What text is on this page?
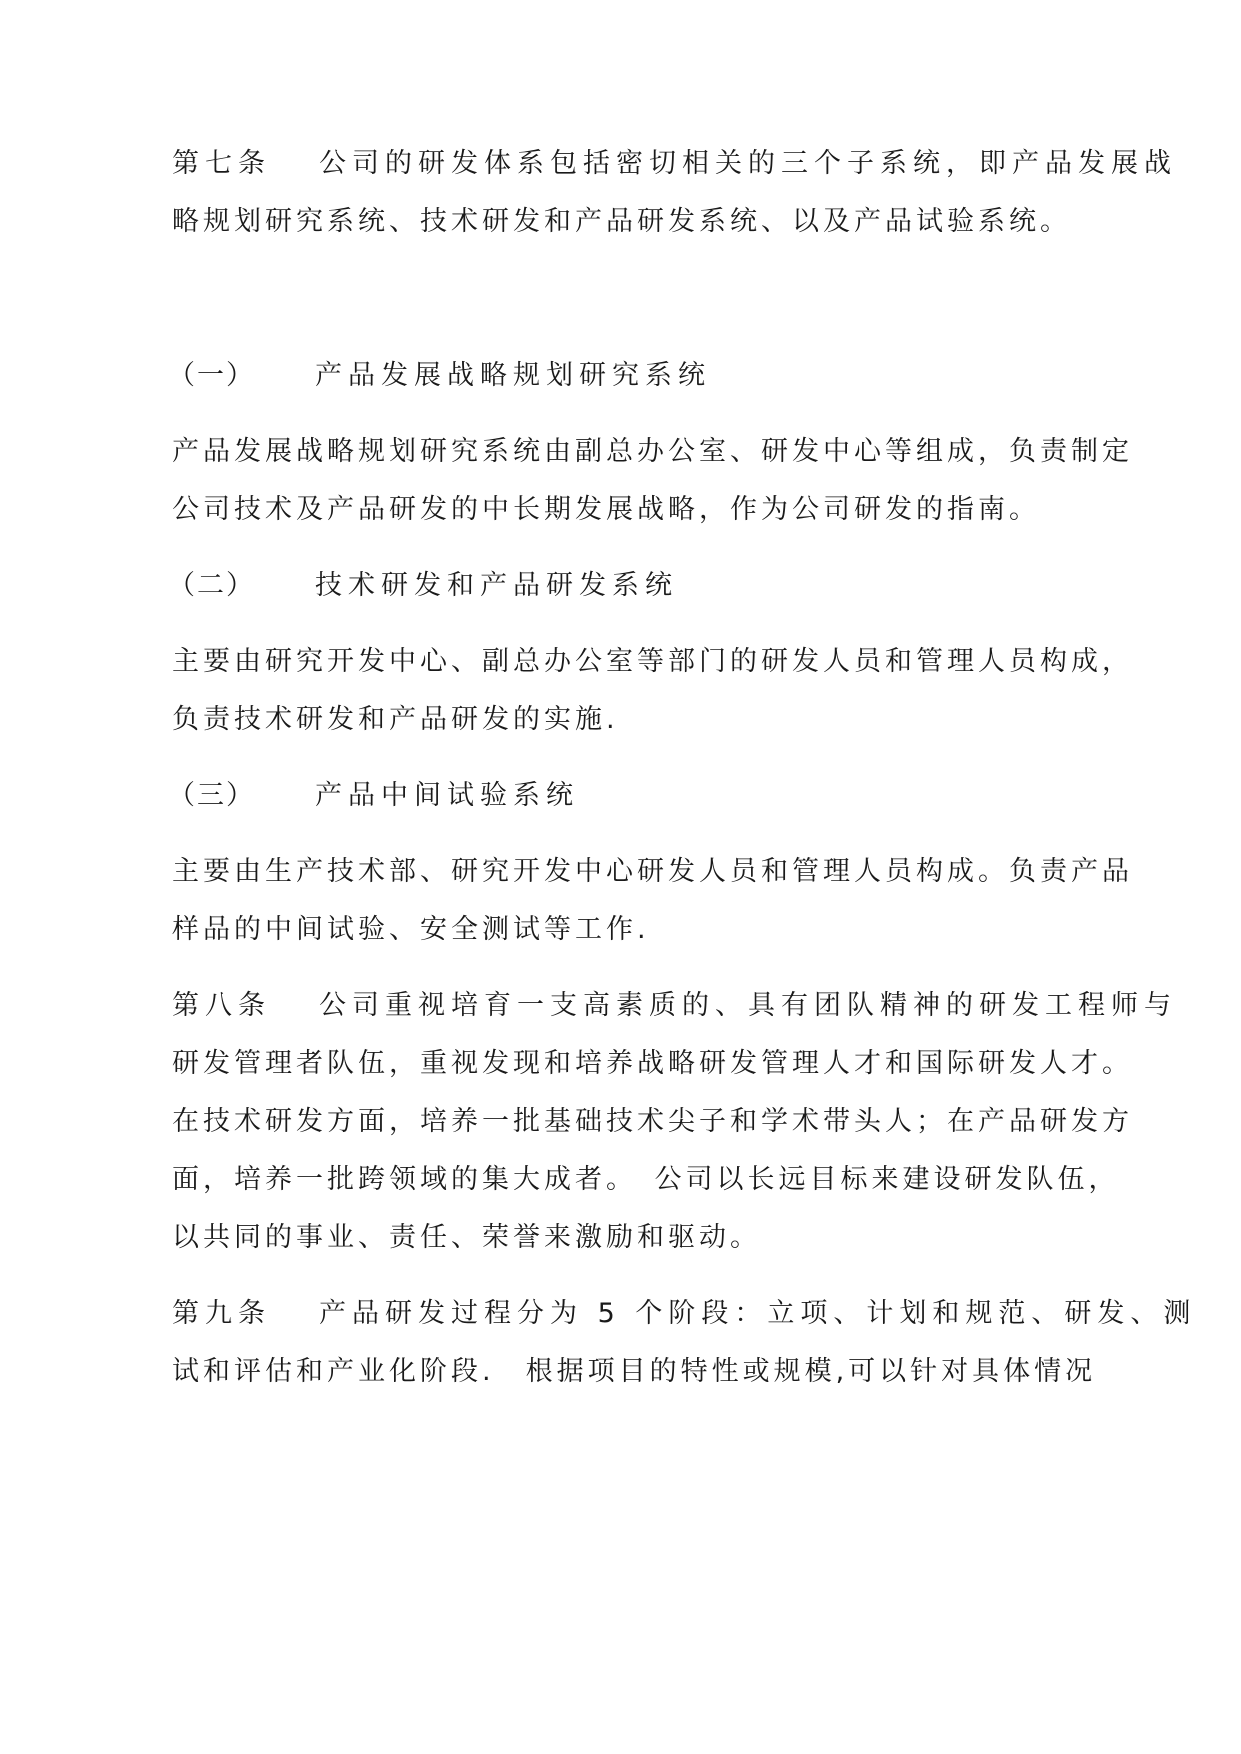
第七条 公司的研发体系包括密切相关的三个子系统，即产品发展战
略规划研究系统、技术研发和产品研发系统、以及产品试验系统。
（一） 产品发展战略规划研究系统
产品发展战略规划研究系统由副总办公室、研发中心等组成，负责制定
公司技术及产品研发的中长期发展战略，作为公司研发的指南。
（二） 技术研发和产品研发系统
主要由研究开发中心、副总办公室等部门的研发人员和管理人员构成，
负责技术研发和产品研发的实施.
（三） 产品中间试验系统
主要由生产技术部、研究开发中心研发人员和管理人员构成。负责产品
样品的中间试验、安全测试等工作.
第八条 公司重视培育一支高素质的、具有团队精神的研发工程师与
研发管理者队伍，重视发现和培养战略研发管理人才和国际研发人才。
在技术研发方面，培养一批基础技术尖子和学术带头人；在产品研发方
面，培养一批跨领域的集大成者。　公司以长远目标来建设研发队伍，
以共同的事业、责任、荣誉来激励和驱动。
第九条 产品研发过程分为 5 个阶段：立项、计划和规范、研发、测
试和评估和产业化阶段.　根据项目的特性或规模,可以针对具体情况
